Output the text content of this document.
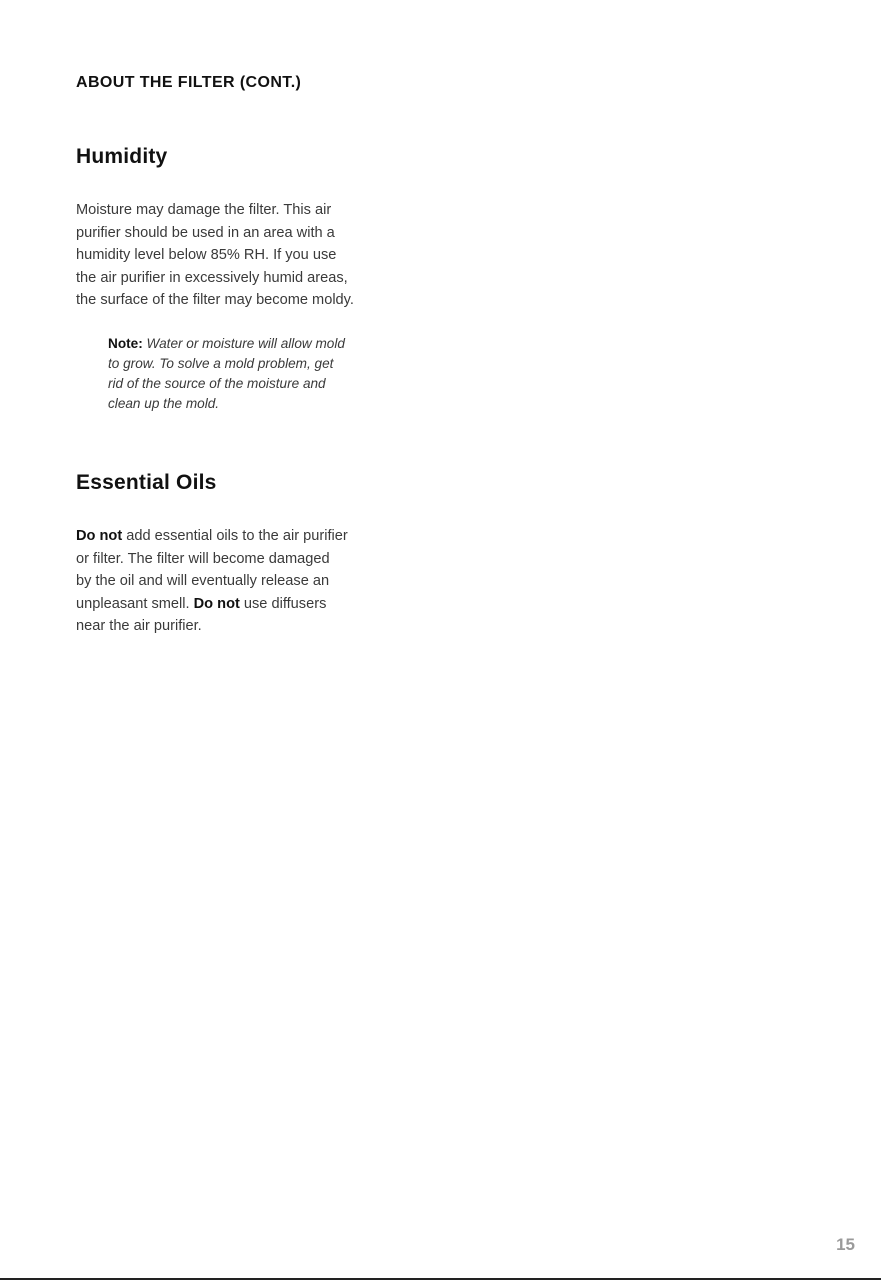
ABOUT THE FILTER (CONT.)
Humidity
Moisture may damage the filter. This air
purifier should be used in an area with a
humidity level below 85% RH. If you use
the air purifier in excessively humid areas,
the surface of the filter may become moldy.
Note: Water or moisture will allow mold
to grow. To solve a mold problem, get
rid of the source of the moisture and
clean up the mold.
Essential Oils
Do not add essential oils to the air purifier
or filter. The filter will become damaged
by the oil and will eventually release an
unpleasant smell. Do not use diffusers
near the air purifier.
15
